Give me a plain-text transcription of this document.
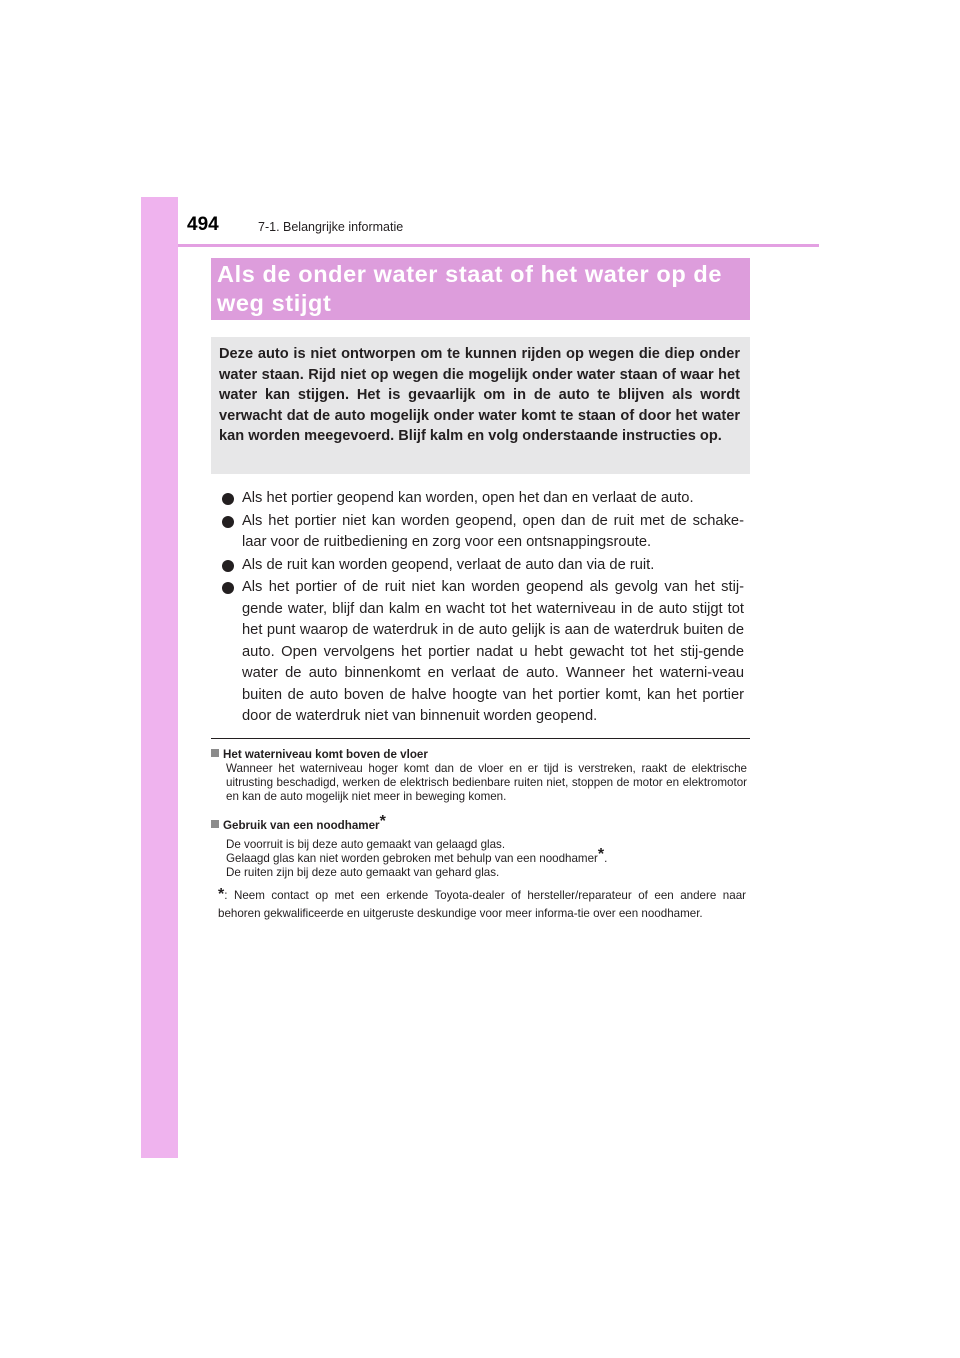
494	7-1. Belangrijke informatie
Als de onder water staat of het water op de weg stijgt

Deze auto is niet ontworpen om te kunnen rijden op wegen die diep onder water staan. Rijd niet op wegen die mogelijk onder water staan of waar het water kan stijgen. Het is gevaarlijk om in de auto te blijven als wordt verwacht dat de auto mogelijk onder water komt te staan of door het water kan worden meegevoerd. Blijf kalm en volg onderstaande instructies op.

Als het portier geopend kan worden, open het dan en verlaat de auto.
Als het portier niet kan worden geopend, open dan de ruit met de schake-laar voor de ruitbediening en zorg voor een ontsnappingsroute.
Als de ruit kan worden geopend, verlaat de auto dan via de ruit.
Als het portier of de ruit niet kan worden geopend als gevolg van het stij-gende water, blijf dan kalm en wacht tot het waterniveau in de auto stijgt tot het punt waarop de waterdruk in de auto gelijk is aan de waterdruk buiten de auto. Open vervolgens het portier nadat u hebt gewacht tot het stij-gende water de auto binnenkomt en verlaat de auto. Wanneer het waterni-veau buiten de auto boven de halve hoogte van het portier komt, kan het portier door de waterdruk niet van binnenuit worden geopend.

Het waterniveau komt boven de vloer

Wanneer het waterniveau hoger komt dan de vloer en er tijd is verstreken, raakt de elektrische uitrusting beschadigd, werken de elektrisch bedienbare ruiten niet, stoppen de motor en elektromotor en kan de auto mogelijk niet meer in beweging komen.

Gebruik van een noodhamer*

De voorruit is bij deze auto gemaakt van gelaagd glas.

Gelaagd glas kan niet worden gebroken met behulp van een noodhamer*.

De ruiten zijn bij deze auto gemaakt van gehard glas.

*: Neem contact op met een erkende Toyota-dealer of hersteller/reparateur of een andere naar behoren gekwalificeerde en uitgeruste deskundige voor meer informa-tie over een noodhamer.
